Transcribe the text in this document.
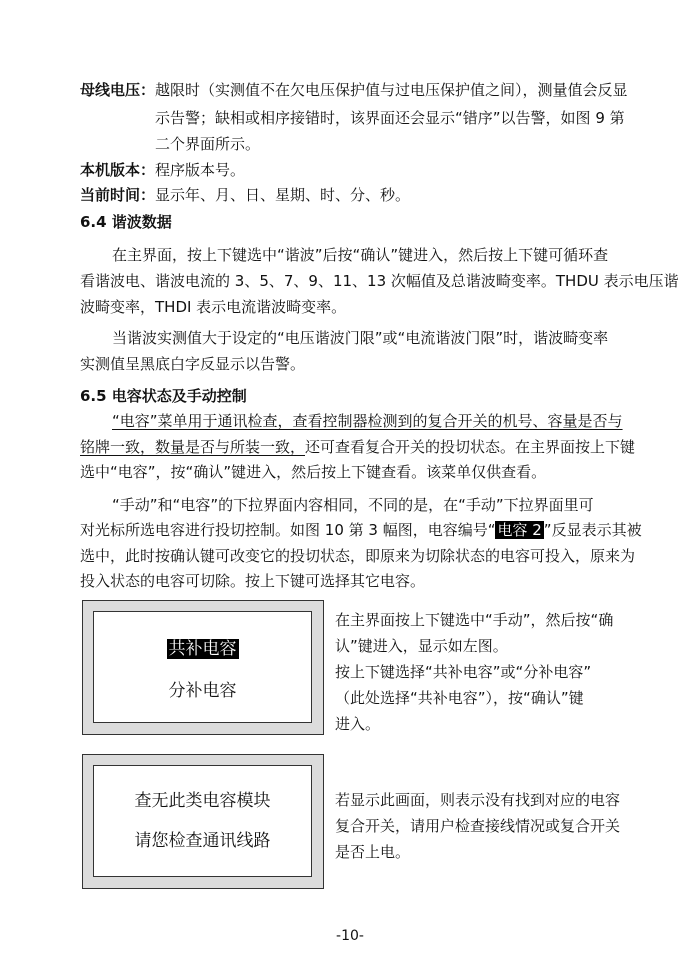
母线电压： 越限时（实测值不在欠电压保护值与过电压保护值之间），测量值会反显
示告警；缺相或相序接错时，该界面还会显示“错序”以告警，如图 9 第
二个界面所示。
本机版本： 程序版本号。
当前时间： 显示年、月、日、星期、时、分、秒。
6.4 谐波数据
在主界面，按上下键选中“谐波”后按“确认”键进入，然后按上下键可循环查
看谐波电、谐波电流的 3、5、7、9、11、13 次幅值及总谐波畸变率。THDU 表示电压谐
波畸变率，THDI 表示电流谐波畸变率。
当谐波实测值大于设定的“电压谐波门限”或“电流谐波门限”时，谐波畸变率
实测值呈黑底白字反显示以告警。
6.5 电容状态及手动控制
“电容”菜单用于通讯检查，查看控制器检测到的复合开关的机号、容量是否与
铭牌一致，数量是否与所装一致，还可查看复合开关的投切状态。在主界面按上下键
选中“电容”，按“确认”键进入，然后按上下键查看。该菜单仅供查看。
“手动”和“电容”的下拉界面内容相同，不同的是，在“手动”下拉界面里可
对光标所选电容进行投切控制。如图 10 第 3 幅图，电容编号“ 电容 2 ”反显表示其被
选中，此时按确认键可改变它的投切状态，即原来为切除状态的电容可投入，原来为
投入状态的电容可切除。按上下键可选择其它电容。
共补电容
分补电容
在主界面按上下键选中“手动”，然后按“确
认”键进入，显示如左图。
按上下键选择“共补电容”或“分补电容”
（此处选择“共补电容”），按“确认”键
进入。
查无此类电容模块
请您检查通讯线路
若显示此画面，则表示没有找到对应的电容
复合开关，请用户检查接线情况或复合开关
是否上电。
-10-
